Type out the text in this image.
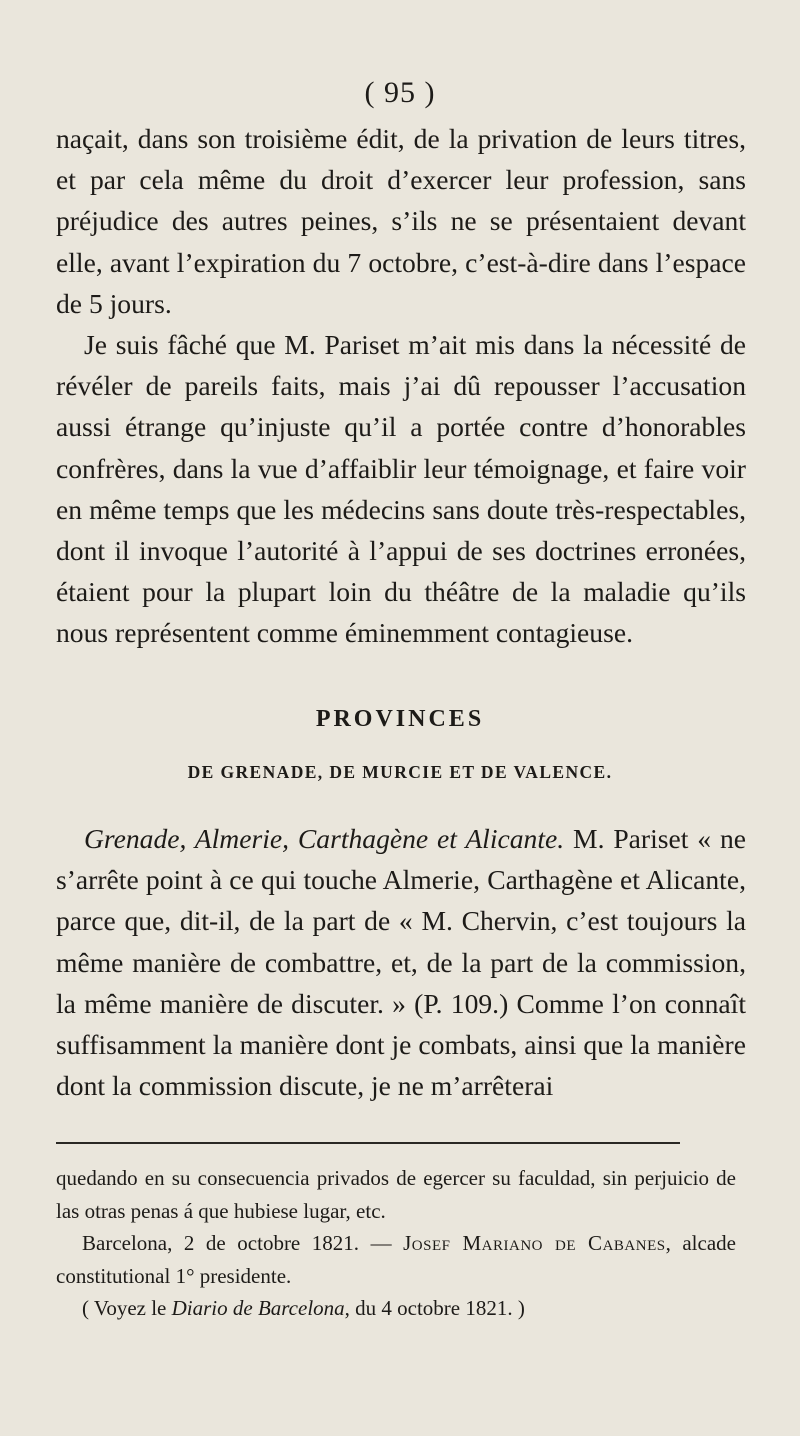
( 95 )

naçait, dans son troisième édit, de la privation de leurs titres, et par cela même du droit d’exercer leur profession, sans préjudice des autres peines, s’ils ne se présentaient devant elle, avant l’expiration du 7 octobre, c’est-à-dire dans l’espace de 5 jours.

Je suis fâché que M. Pariset m’ait mis dans la nécessité de révéler de pareils faits, mais j’ai dû repousser l’accusation aussi étrange qu’injuste qu’il a portée contre d’honorables confrères, dans la vue d’affaiblir leur témoignage, et faire voir en même temps que les médecins sans doute très-respectables, dont il invoque l’autorité à l’appui de ses doctrines erronées, étaient pour la plupart loin du théâtre de la maladie qu’ils nous représentent comme éminemment contagieuse.

PROVINCES
DE GRENADE, DE MURCIE ET DE VALENCE.

Grenade, Almerie, Carthagène et Alicante. M. Pariset « ne s’arrête point à ce qui touche Almerie, Carthagène et Alicante, parce que, dit-il, de la part de « M. Chervin, c’est toujours la même manière de combattre, et, de la part de la commission, la même manière de discuter. » (P. 109.) Comme l’on connaît suffisamment la manière dont je combats, ainsi que la manière dont la commission discute, je ne m’arrêterai

quedando en su consecuencia privados de egercer su faculdad, sin perjuicio de las otras penas á que hubiese lugar, etc.

Barcelona, 2 de octobre 1821. — Josef Mariano de Cabanes, alcade constitutional 1° presidente.

( Voyez le Diario de Barcelona, du 4 octobre 1821. )
